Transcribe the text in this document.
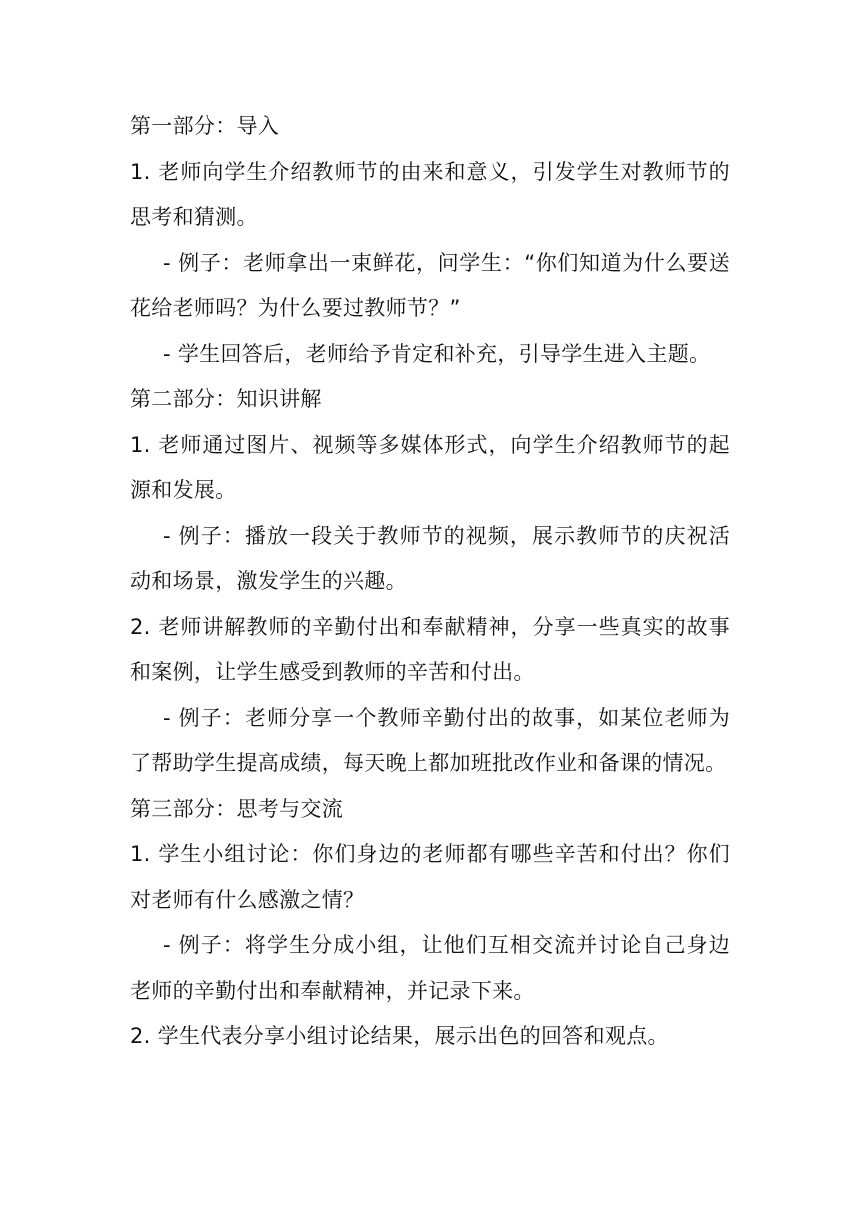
第一部分：导入

1. 老师向学生介绍教师节的由来和意义，引发学生对教师节的思考和猜测。

- 例子：老师拿出一束鲜花，问学生：“你们知道为什么要送花给老师吗？为什么要过教师节？”

- 学生回答后，老师给予肯定和补充，引导学生进入主题。

第二部分：知识讲解

1. 老师通过图片、视频等多媒体形式，向学生介绍教师节的起源和发展。

- 例子：播放一段关于教师节的视频，展示教师节的庆祝活动和场景，激发学生的兴趣。

2. 老师讲解教师的辛勤付出和奉献精神，分享一些真实的故事和案例，让学生感受到教师的辛苦和付出。

- 例子：老师分享一个教师辛勤付出的故事，如某位老师为了帮助学生提高成绩，每天晚上都加班批改作业和备课的情况。

第三部分：思考与交流

1. 学生小组讨论：你们身边的老师都有哪些辛苦和付出？你们对老师有什么感激之情？

- 例子：将学生分成小组，让他们互相交流并讨论自己身边老师的辛勤付出和奉献精神，并记录下来。

2. 学生代表分享小组讨论结果，展示出色的回答和观点。
